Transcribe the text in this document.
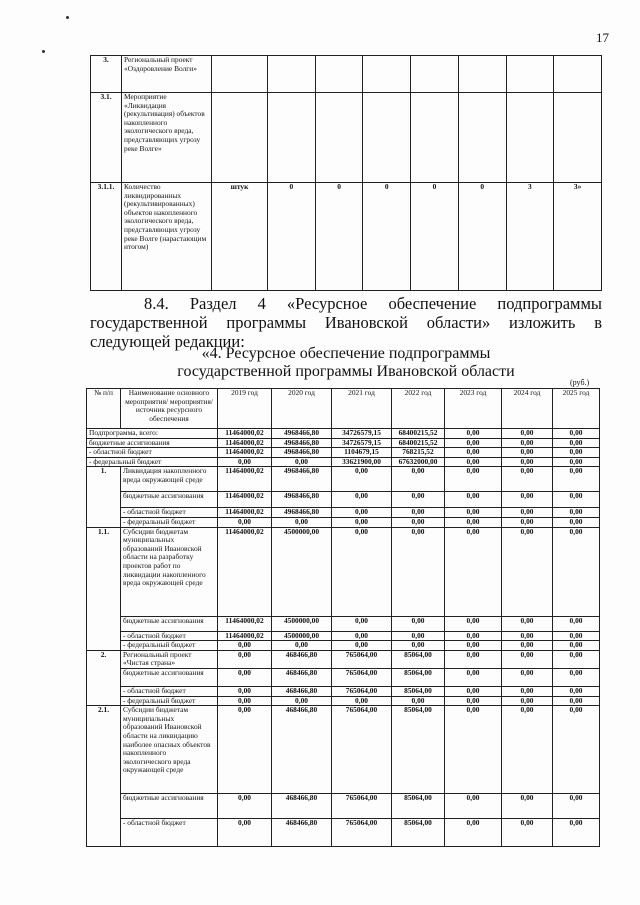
17
3.	Региональный проект «Оздоровление Волги»								
3.1.	Мероприятие «Ликвидация (рекультивация) объектов накопленного экологического вреда, представляющих угрозу реке Волге»								
3.1.1.	Количество ликвидированных (рекультивированных) объектов накопленного экологического вреда, представляющих угрозу реке Волге (нарастающим итогом)	штук	0	0	0	0	0	3	3»
8.4. Раздел 4 «Ресурсное обеспечение подпрограммы
государственной программы Ивановской области» изложить в следующей редакции:
«4. Ресурсное обеспечение подпрограммы
государственной программы Ивановской области
(руб.)
№ п/п	Наименование основного мероприятия/ мероприятия/ источник ресурсного обеспечения	2019 год	2020 год	2021 год	2022 год	2023 год	2024 год	2025 год
Подпрограмма, всего:		11464000,02	4968466,80	34726579,15	68400215,52	0,00	0,00	0,00
бюджетные ассигнования		11464000,02	4968466,80	34726579,15	68400215,52	0,00	0,00	0,00
- областной бюджет		11464000,02	4968466,80	1104679,15	768215,52	0,00	0,00	0,00
- федеральный бюджет		0,00	0,00	33621900,00	67632000,00	0,00	0,00	0,00
1.	Ликвидация накопленного вреда окружающей среде	11464000,02	4968466,80	0,00	0,00	0,00	0,00	0,00
	бюджетные ассигнования	11464000,02	4968466,80	0,00	0,00	0,00	0,00	0,00
	- областной бюджет	11464000,02	4968466,80	0,00	0,00	0,00	0,00	0,00
	- федеральный бюджет	0,00	0,00	0,00	0,00	0,00	0,00	0,00
1.1.	Субсидии бюджетам муниципальных образований Ивановской области на разработку проектов работ по ликвидации накопленного вреда окружающей среде	11464000,02	4500000,00	0,00	0,00	0,00	0,00	0,00
	бюджетные ассигнования	11464000,02	4500000,00	0,00	0,00	0,00	0,00	0,00
	- областной бюджет	11464000,02	4500000,00	0,00	0,00	0,00	0,00	0,00
	- федеральный бюджет	0,00	0,00	0,00	0,00	0,00	0,00	0,00
2.	Региональный проект «Чистая страна»	0,00	468466,80	765064,00	85064,00	0,00	0,00	0,00
	бюджетные ассигнования	0,00	468466,80	765064,00	85064,00	0,00	0,00	0,00
	- областной бюджет	0,00	468466,80	765064,00	85064,00	0,00	0,00	0,00
	- федеральный бюджет	0,00	0,00	0,00	0,00	0,00	0,00	0,00
2.1.	Субсидии бюджетам муниципальных образований Ивановской области на ликвидацию наиболее опасных объектов накопленного экологического вреда окружающей среде	0,00	468466,80	765064,00	85064,00	0,00	0,00	0,00
	бюджетные ассигнования	0,00	468466,80	765064,00	85064,00	0,00	0,00	0,00
	- областной бюджет	0,00	468466,80	765064,00	85064,00	0,00	0,00	0,00
